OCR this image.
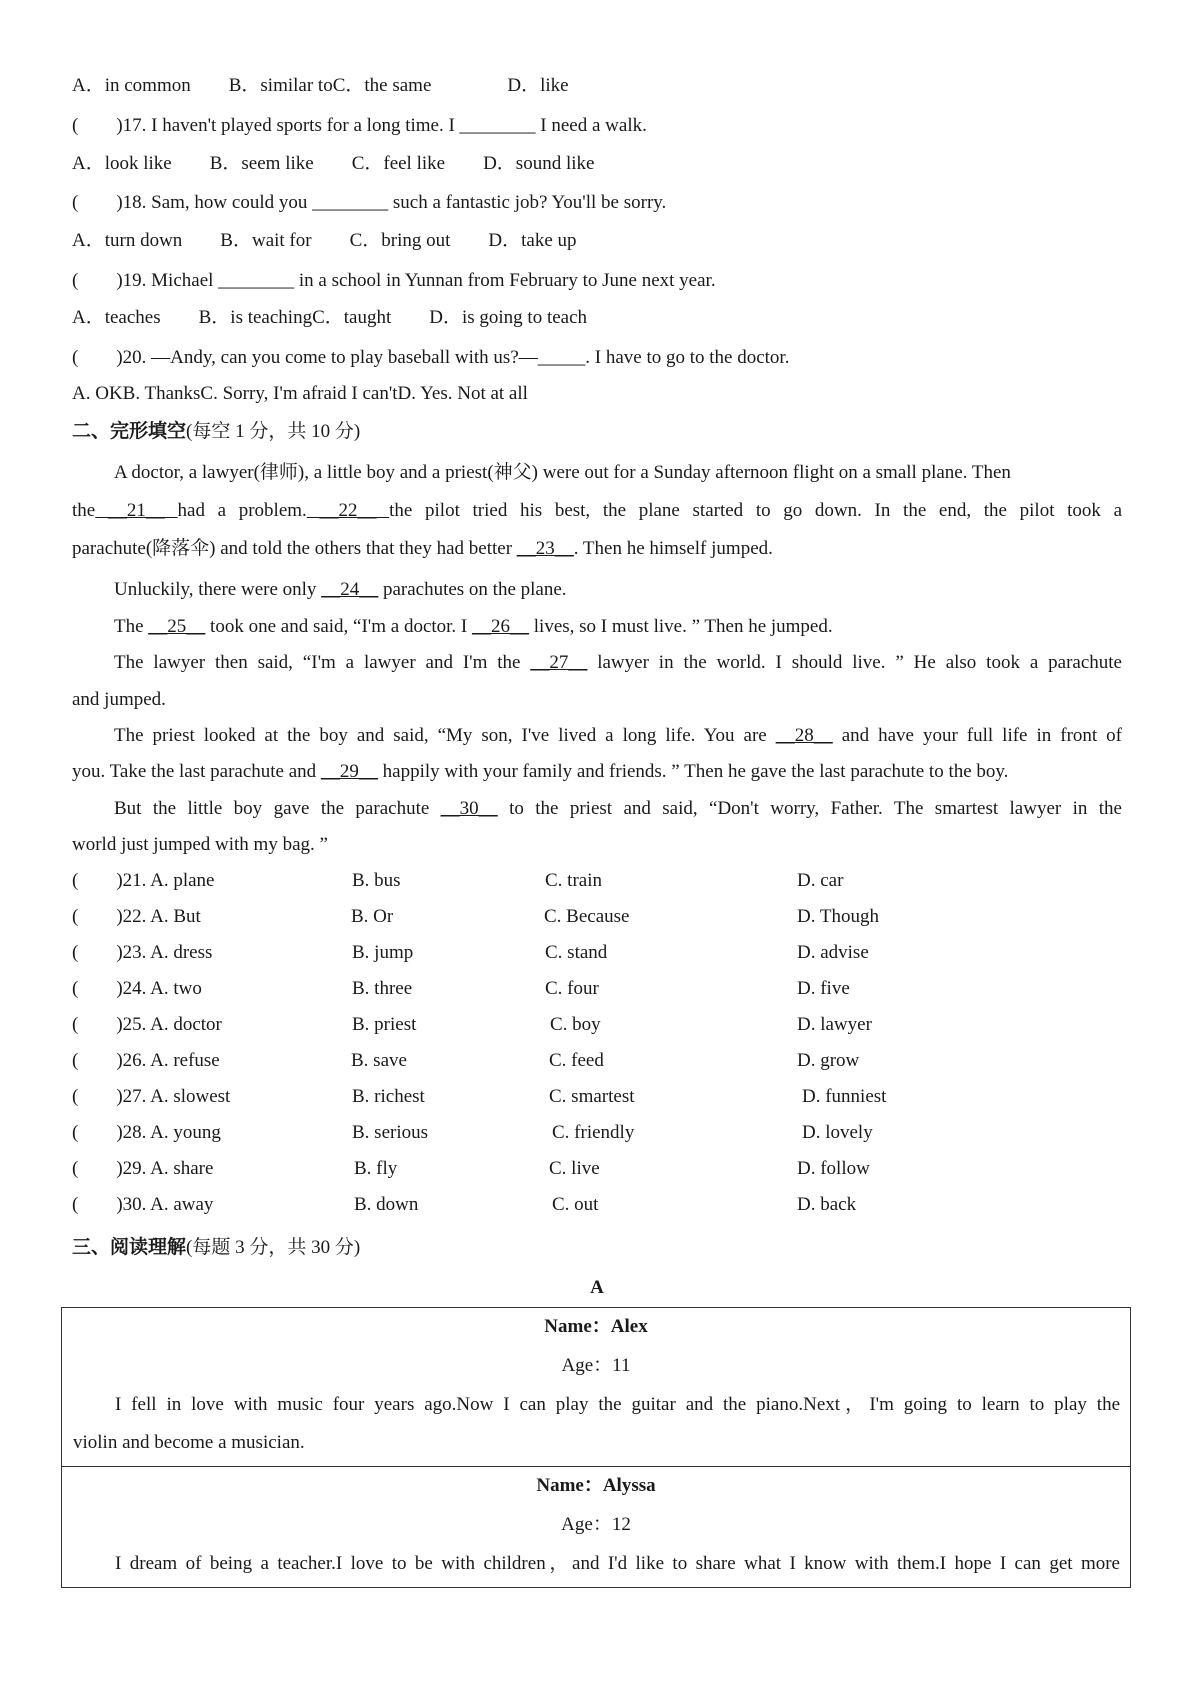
A．in common　　B．similar toC．the same　　　　D．like
(　　)17. I haven't played sports for a long time. I ________ I need a walk.
A．look like　　B．seem like　　C．feel like　　D．sound like
(　　)18. Sam, how could you ________ such a fantastic job? You'll be sorry.
A．turn down　　B．wait for　　C．bring out　　D．take up
(　　)19. Michael ________ in a school in Yunnan from February to June next year.
A．teaches　　B．is teachingC．taught　　D．is going to teach
(　　)20. —Andy, can you come to play baseball with us?—_____. I have to go to the doctor.
A. OKB. ThanksC. Sorry, I'm afraid I can'tD. Yes. Not at all
二、完形填空(每空 1 分，共 10 分)
A doctor, a lawyer(律师), a little boy and a priest(神父) were out for a Sunday afternoon flight on a small plane. Then
the __21__ had a problem. __22__ the pilot tried his best, the plane started to go down. In the end, the pilot took a
parachute(降落伞) and told the others that they had better __23__. Then he himself jumped.
Unluckily, there were only __24__ parachutes on the plane.
The __25__ took one and said, “I'm a doctor. I __26__ lives, so I must live. ” Then he jumped.
The lawyer then said, “I'm a lawyer and I'm the __27__ lawyer in the world. I should live. ” He also took a parachute
and jumped.
The priest looked at the boy and said, “My son, I've lived a long life. You are __28__ and have your full life in front of
you. Take the last parachute and __29__ happily with your family and friends. ” Then he gave the last parachute to the boy.
But the little boy gave the parachute __30__ to the priest and said, “Don't worry, Father. The smartest lawyer in the
world just jumped with my bag. ”
(　　)21. A. plane	B. bus	C. train	D. car
(　　)22. A. But	B. Or	C. Because	D. Though
(　　)23. A. dress	B. jump	C. stand	D. advise
(　　)24. A. two	B. three	C. four	D. five
(　　)25. A. doctor	B. priest	C. boy	D. lawyer
(　　)26. A. refuse	B. save	C. feed	D. grow
(　　)27. A. slowest	B. richest	C. smartest	D. funniest
(　　)28. A. young	B. serious	C. friendly	D. lovely
(　　)29. A. share	B. fly	C. live	D. follow
(　　)30. A. away	B. down	C. out	D. back
三、阅读理解(每题 3 分，共 30 分)
A
Name：Alex
Age：11
I fell in love with music four years ago.Now I can play the guitar and the piano.Next，I'm going to learn to play the
violin and become a musician.
Name：Alyssa
Age：12
I dream of being a teacher.I love to be with children，and I'd like to share what I know with them.I hope I can get more
